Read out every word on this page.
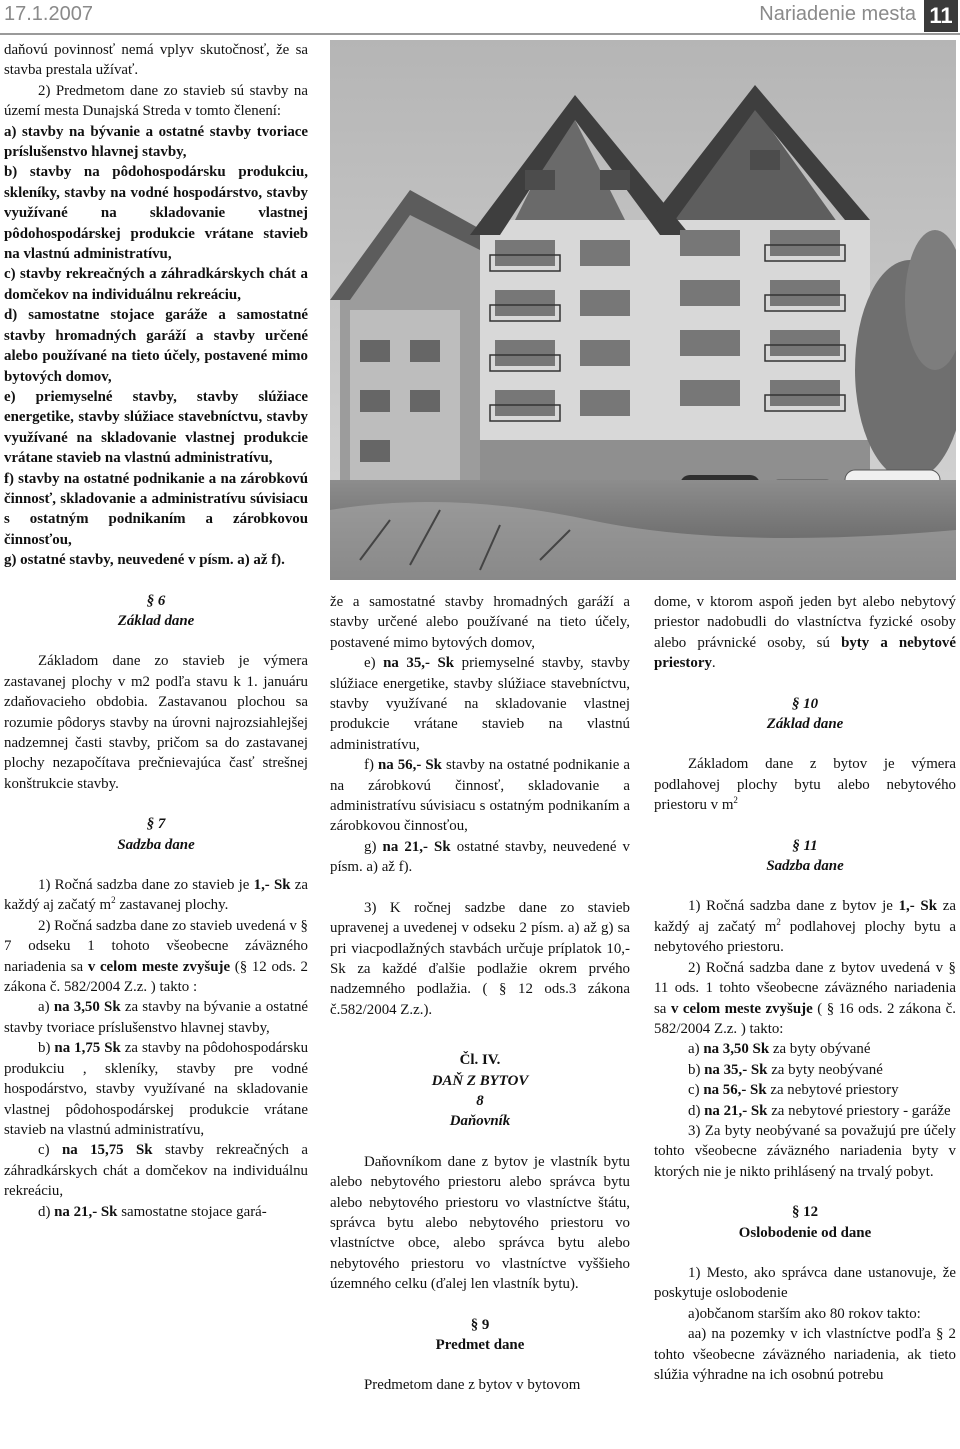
17.1.2007	Nariadenie mesta 11

daňovú povinnosť nemá vplyv skutočnosť, že sa stavba prestala užívať.

2) Predmetom dane zo stavieb sú stavby na území mesta Dunajská Streda v tomto členení:

a) stavby na bývanie a ostatné stavby tvoriace príslušenstvo hlavnej stavby,

b) stavby na pôdohospodársku produkciu, skleníky, stavby na vodné hospodárstvo, stavby využívané na skladovanie vlastnej pôdohospodárskej produkcie vrátane stavieb na vlastnú administratívu,

c) stavby rekreačných a záhradkárskych chát a domčekov na individuálnu rekreáciu,

d) samostatne stojace garáže a samostatné stavby hromadných garáží a stavby určené alebo používané na tieto účely, postavené mimo bytových domov,

e) priemyselné stavby, stavby slúžiace energetike, stavby slúžiace stavebníctvu, stavby využívané na skladovanie vlastnej produkcie vrátane stavieb na vlastnú administratívu,

f) stavby na ostatné podnikanie a na zárobkovú činnosť, skladovanie a administratívu súvisiacu s ostatným podnikaním a zárobkovou činnosťou,

g) ostatné stavby, neuvedené v písm. a) až f).

§ 6

Základ dane

Základom dane zo stavieb je výmera zastavanej plochy v m2 podľa stavu k 1. januáru zdaňovacieho obdobia. Zastavanou plochou sa rozumie pôdorys stavby na úrovni najrozsiahlejšej nadzemnej časti stavby, pričom sa do zastavanej plochy nezapočítava prečnievajúca časť strešnej konštrukcie stavby.

§ 7

Sadzba dane

1) Ročná sadzba dane zo stavieb je 1,- Sk za každý aj začatý $m^2$ zastavanej plochy.

2) Ročná sadzba dane zo stavieb uvedená v § 7 odseku 1 tohoto všeobecne záväzného nariadenia sa v celom meste zvyšuje (§ 12 ods. 2 zákona č. 582/2004 Z.z. ) takto :

a) na 3,50 Sk za stavby na bývanie a ostatné stavby tvoriace príslušenstvo hlavnej stavby,

b) na 1,75 Sk za stavby na pôdohospodársku produkciu , skleníky, stavby pre vodné hospodárstvo, stavby využívané na skladovanie vlastnej pôdohospodárskej produkcie vrátane stavieb na vlastnú administratívu,

c) na 15,75 Sk stavby rekreačných a záhradkárskych chát a domčekov na individuálnu rekreáciu,

d) na 21,- Sk samostatne stojace gará-

že a samostatné stavby hromadných garáží a stavby určené alebo používané na tieto účely, postavené mimo bytových domov,

e) na 35,- Sk priemyselné stavby, stavby slúžiace energetike, stavby slúžiace stavebníctvu, stavby využívané na skladovanie vlastnej produkcie vrátane stavieb na vlastnú administratívu,

f) na 56,- Sk stavby na ostatné podnikanie a na zárobkovú činnosť, skladovanie a administratívu súvisiacu s ostatným podnikaním a zárobkovou činnosťou,

g) na 21,- Sk ostatné stavby, neuvedené v písm. a) až f).

3) K ročnej sadzbe dane zo stavieb upravenej a uvedenej v odseku 2 písm. a) až g) sa pri viacpodlažných stavbách určuje príplatok 10,- Sk za každé ďalšie podlažie okrem prvého nadzemného podlažia. ( § 12 ods.3 zákona č.582/2004 Z.z.).

Čl. IV.

DAŇ Z BYTOV

8

Daňovník

Daňovníkom dane z bytov je vlastník bytu alebo nebytového priestoru alebo správca bytu alebo nebytového priestoru vo vlastníctve štátu, správca bytu alebo nebytového priestoru vo vlastníctve obce, alebo správca bytu alebo nebytového priestoru vo vlastníctve vyššieho územného celku (ďalej len vlastník bytu).

§ 9

Predmet dane

Predmetom dane z bytov v bytovom

dome, v ktorom aspoň jeden byt alebo nebytový priestor nadobudli do vlastníctva fyzické osoby alebo právnické osoby, sú byty a nebytové priestory.

§ 10

Základ dane

Základom dane z bytov je výmera podlahovej plochy bytu alebo nebytového priestoru v $m^2$

§ 11

Sadzba dane

1) Ročná sadzba dane z bytov je 1,- Sk za každý aj začatý $m^2$ podlahovej plochy bytu a nebytového priestoru.

2) Ročná sadzba dane z bytov uvedená v § 11 ods. 1 tohto všeobecne záväzného nariadenia sa v celom meste zvyšuje ( § 16 ods. 2 zákona č. 582/2004 Z.z. ) takto:

a) na 3,50 Sk za byty obývané

b) na 35,- Sk za byty neobývané

c) na 56,- Sk za nebytové priestory

d) na 21,- Sk za nebytové priestory - garáže

3) Za byty neobývané sa považujú pre účely tohto všeobecne záväzného nariadenia byty v ktorých nie je nikto prihlásený na trvalý pobyt.

§ 12

Oslobodenie od dane

1) Mesto, ako správca dane ustanovuje, že poskytuje oslobodenie

a)občanom starším ako 80 rokov takto:

aa) na pozemky v ich vlastníctve podľa § 2 tohto všeobecne záväzného nariadenia, ak tieto slúžia výhradne na ich osobnú potrebu
